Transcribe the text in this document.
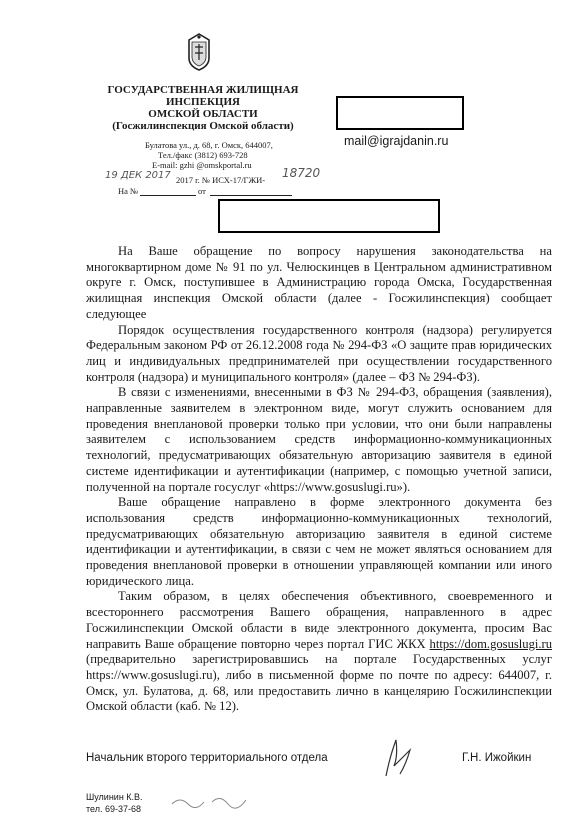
ГОСУДАРСТВЕННАЯ ЖИЛИЩНАЯ
ИНСПЕКЦИЯ
ОМСКОЙ ОБЛАСТИ
(Госжилинспекция Омской области)
Булатова ул., д. 68, г. Омск, 644007,
Тел./факс (3812) 693-728
E-mail: gzhi @omskportal.ru
19 ДЕК 2017 2017 г. № ИСХ-17/ГЖИ- 18720
На №	от
mail@igrajdanin.ru

На Ваше обращение по вопросу нарушения законодательства на многоквартирном доме № 91 по ул. Челюскинцев в Центральном административном округе г. Омск, поступившее в Администрацию города Омска, Государственная жилищная инспекция Омской области (далее - Госжилинспекция) сообщает следующее

Порядок осуществления государственного контроля (надзора) регулируется Федеральным законом РФ от 26.12.2008 года № 294-ФЗ «О защите прав юридических лиц и индивидуальных предпринимателей при осуществлении государственного контроля (надзора) и муниципального контроля» (далее – ФЗ № 294-ФЗ).

В связи с изменениями, внесенными в ФЗ № 294-ФЗ, обращения (заявления), направленные заявителем в электронном виде, могут служить основанием для проведения внеплановой проверки только при условии, что они были направлены заявителем с использованием средств информационно-коммуникационных технологий, предусматривающих обязательную авторизацию заявителя в единой системе идентификации и аутентификации (например, с помощью учетной записи, полученной на портале госуслуг «https://www.gosuslugi.ru»).

Ваше обращение направлено в форме электронного документа без использования средств информационно-коммуникационных технологий, предусматривающих обязательную авторизацию заявителя в единой системе идентификации и аутентификации, в связи с чем не может являться основанием для проведения внеплановой проверки в отношении управляющей компании или иного юридического лица.

Таким образом, в целях обеспечения объективного, своевременного и всестороннего рассмотрения Вашего обращения, направленного в адрес Госжилинспекции Омской области в виде электронного документа, просим Вас направить Ваше обращение повторно через портал ГИС ЖКХ https://dom.gosuslugi.ru (предварительно зарегистрировавшись на портале Государственных услуг https://www.gosuslugi.ru), либо в письменной форме по почте по адресу: 644007, г. Омск, ул. Булатова, д. 68, или предоставить лично в канцелярию Госжилинспекции Омской области (каб. № 12).

Начальник второго территориального отдела	Г.Н. Ижойкин
Шулинин К.В.
тел. 69-37-68
